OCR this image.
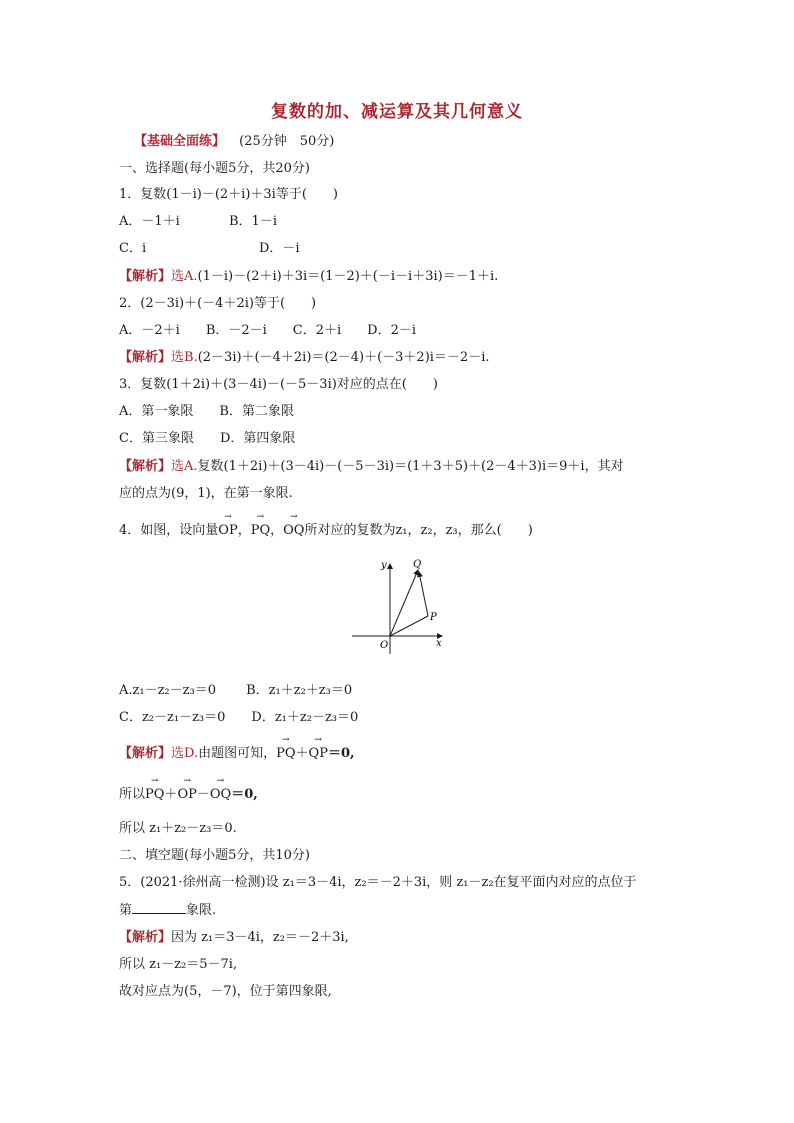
复数的加、减运算及其几何意义
【基础全面练】 (25分钟　50分)
一、选择题(每小题5分，共20分)
1．复数(1－i)－(2＋i)＋3i等于(　　)
A．－1＋i	B．1－i
C．i	D．－i
【解析】选A.(1－i)－(2＋i)＋3i＝(1－2)＋(－i－i＋3i)＝－1＋i.
2．(2－3i)＋(－4＋2i)等于(　　)
A．－2＋i　　B．－2－i　　C．2＋i　　D．2－i
【解析】选B.(2－3i)＋(－4＋2i)＝(2－4)＋(－3＋2)i＝－2－i.
3．复数(1＋2i)＋(3－4i)－(－5－3i)对应的点在(　　)
A．第一象限　　B．第二象限
C．第三象限　　D．第四象限
【解析】选A.复数(1＋2i)＋(3－4i)－(－5－3i)＝(1＋3＋5)＋(2－4＋3)i＝9＋i，其对
应的点为(9，1)，在第一象限.
4．如图，设向量→ OP，→ PQ，→ OQ所对应的复数为z₁，z₂，z₃，那么(　　)
y
x
O
P
Q
A.z₁－z₂－z₃＝0　　 B．z₁＋z₂＋z₃＝0
C．z₂－z₁－z₃＝0　　D．z₁＋z₂－z₃＝0
【解析】选D.由题图可知，→ PQ＋→ QP＝0,
所以→ PQ＋→ OP－→ OQ＝0,
所以 z₁＋z₂－z₃＝0.
二、填空题(每小题5分，共10分)
5．(2021·徐州高一检测)设 z₁＝3－4i，z₂＝－2＋3i，则 z₁－z₂在复平面内对应的点位于
第	象限.
【解析】因为 z₁＝3－4i，z₂＝－2＋3i,
所以 z₁－z₂＝5－7i,
故对应点为(5，－7)，位于第四象限,
